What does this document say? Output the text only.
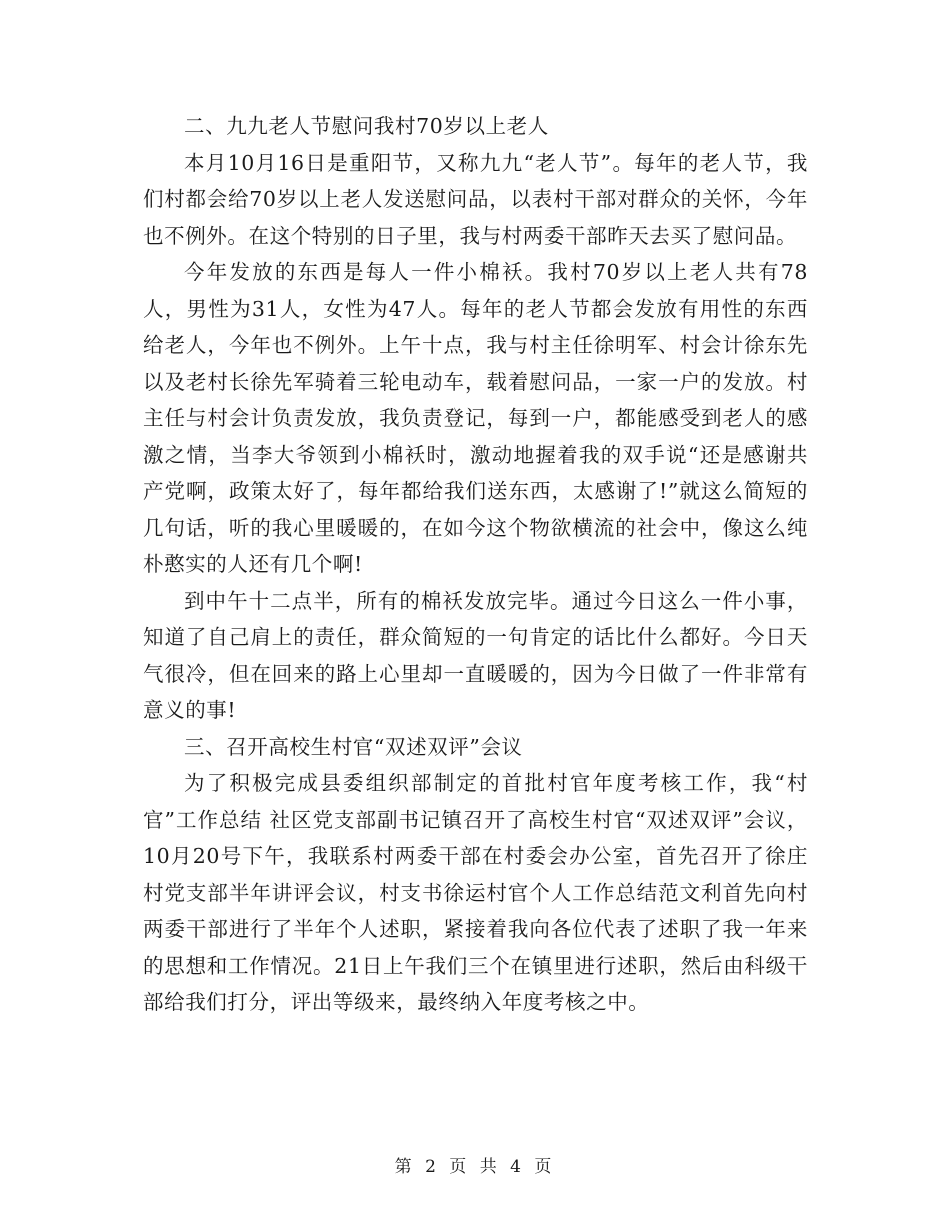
二、九九老人节慰问我村70岁以上老人

本月10月16日是重阳节，又称九九“老人节”。每年的老人节，我们村都会给70岁以上老人发送慰问品，以表村干部对群众的关怀，今年也不例外。在这个特别的日子里，我与村两委干部昨天去买了慰问品。

今年发放的东西是每人一件小棉袄。我村70岁以上老人共有78人，男性为31人，女性为47人。每年的老人节都会发放有用性的东西给老人，今年也不例外。上午十点，我与村主任徐明军、村会计徐东先以及老村长徐先军骑着三轮电动车，载着慰问品，一家一户的发放。村主任与村会计负责发放，我负责登记，每到一户，都能感受到老人的感激之情，当李大爷领到小棉袄时，激动地握着我的双手说“还是感谢共产党啊，政策太好了，每年都给我们送东西，太感谢了!”就这么简短的几句话，听的我心里暖暖的，在如今这个物欲横流的社会中，像这么纯朴憨实的人还有几个啊!

到中午十二点半，所有的棉袄发放完毕。通过今日这么一件小事，知道了自己肩上的责任，群众简短的一句肯定的话比什么都好。今日天气很冷，但在回来的路上心里却一直暖暖的，因为今日做了一件非常有意义的事!

三、召开高校生村官“双述双评”会议

为了积极完成县委组织部制定的首批村官年度考核工作，我“村官”工作总结 社区党支部副书记镇召开了高校生村官“双述双评”会议，10月20号下午，我联系村两委干部在村委会办公室，首先召开了徐庄村党支部半年讲评会议，村支书徐运村官个人工作总结范文利首先向村两委干部进行了半年个人述职，紧接着我向各位代表了述职了我一年来的思想和工作情况。21日上午我们三个在镇里进行述职，然后由科级干部给我们打分，评出等级来，最终纳入年度考核之中。

第 2 页 共 4 页
